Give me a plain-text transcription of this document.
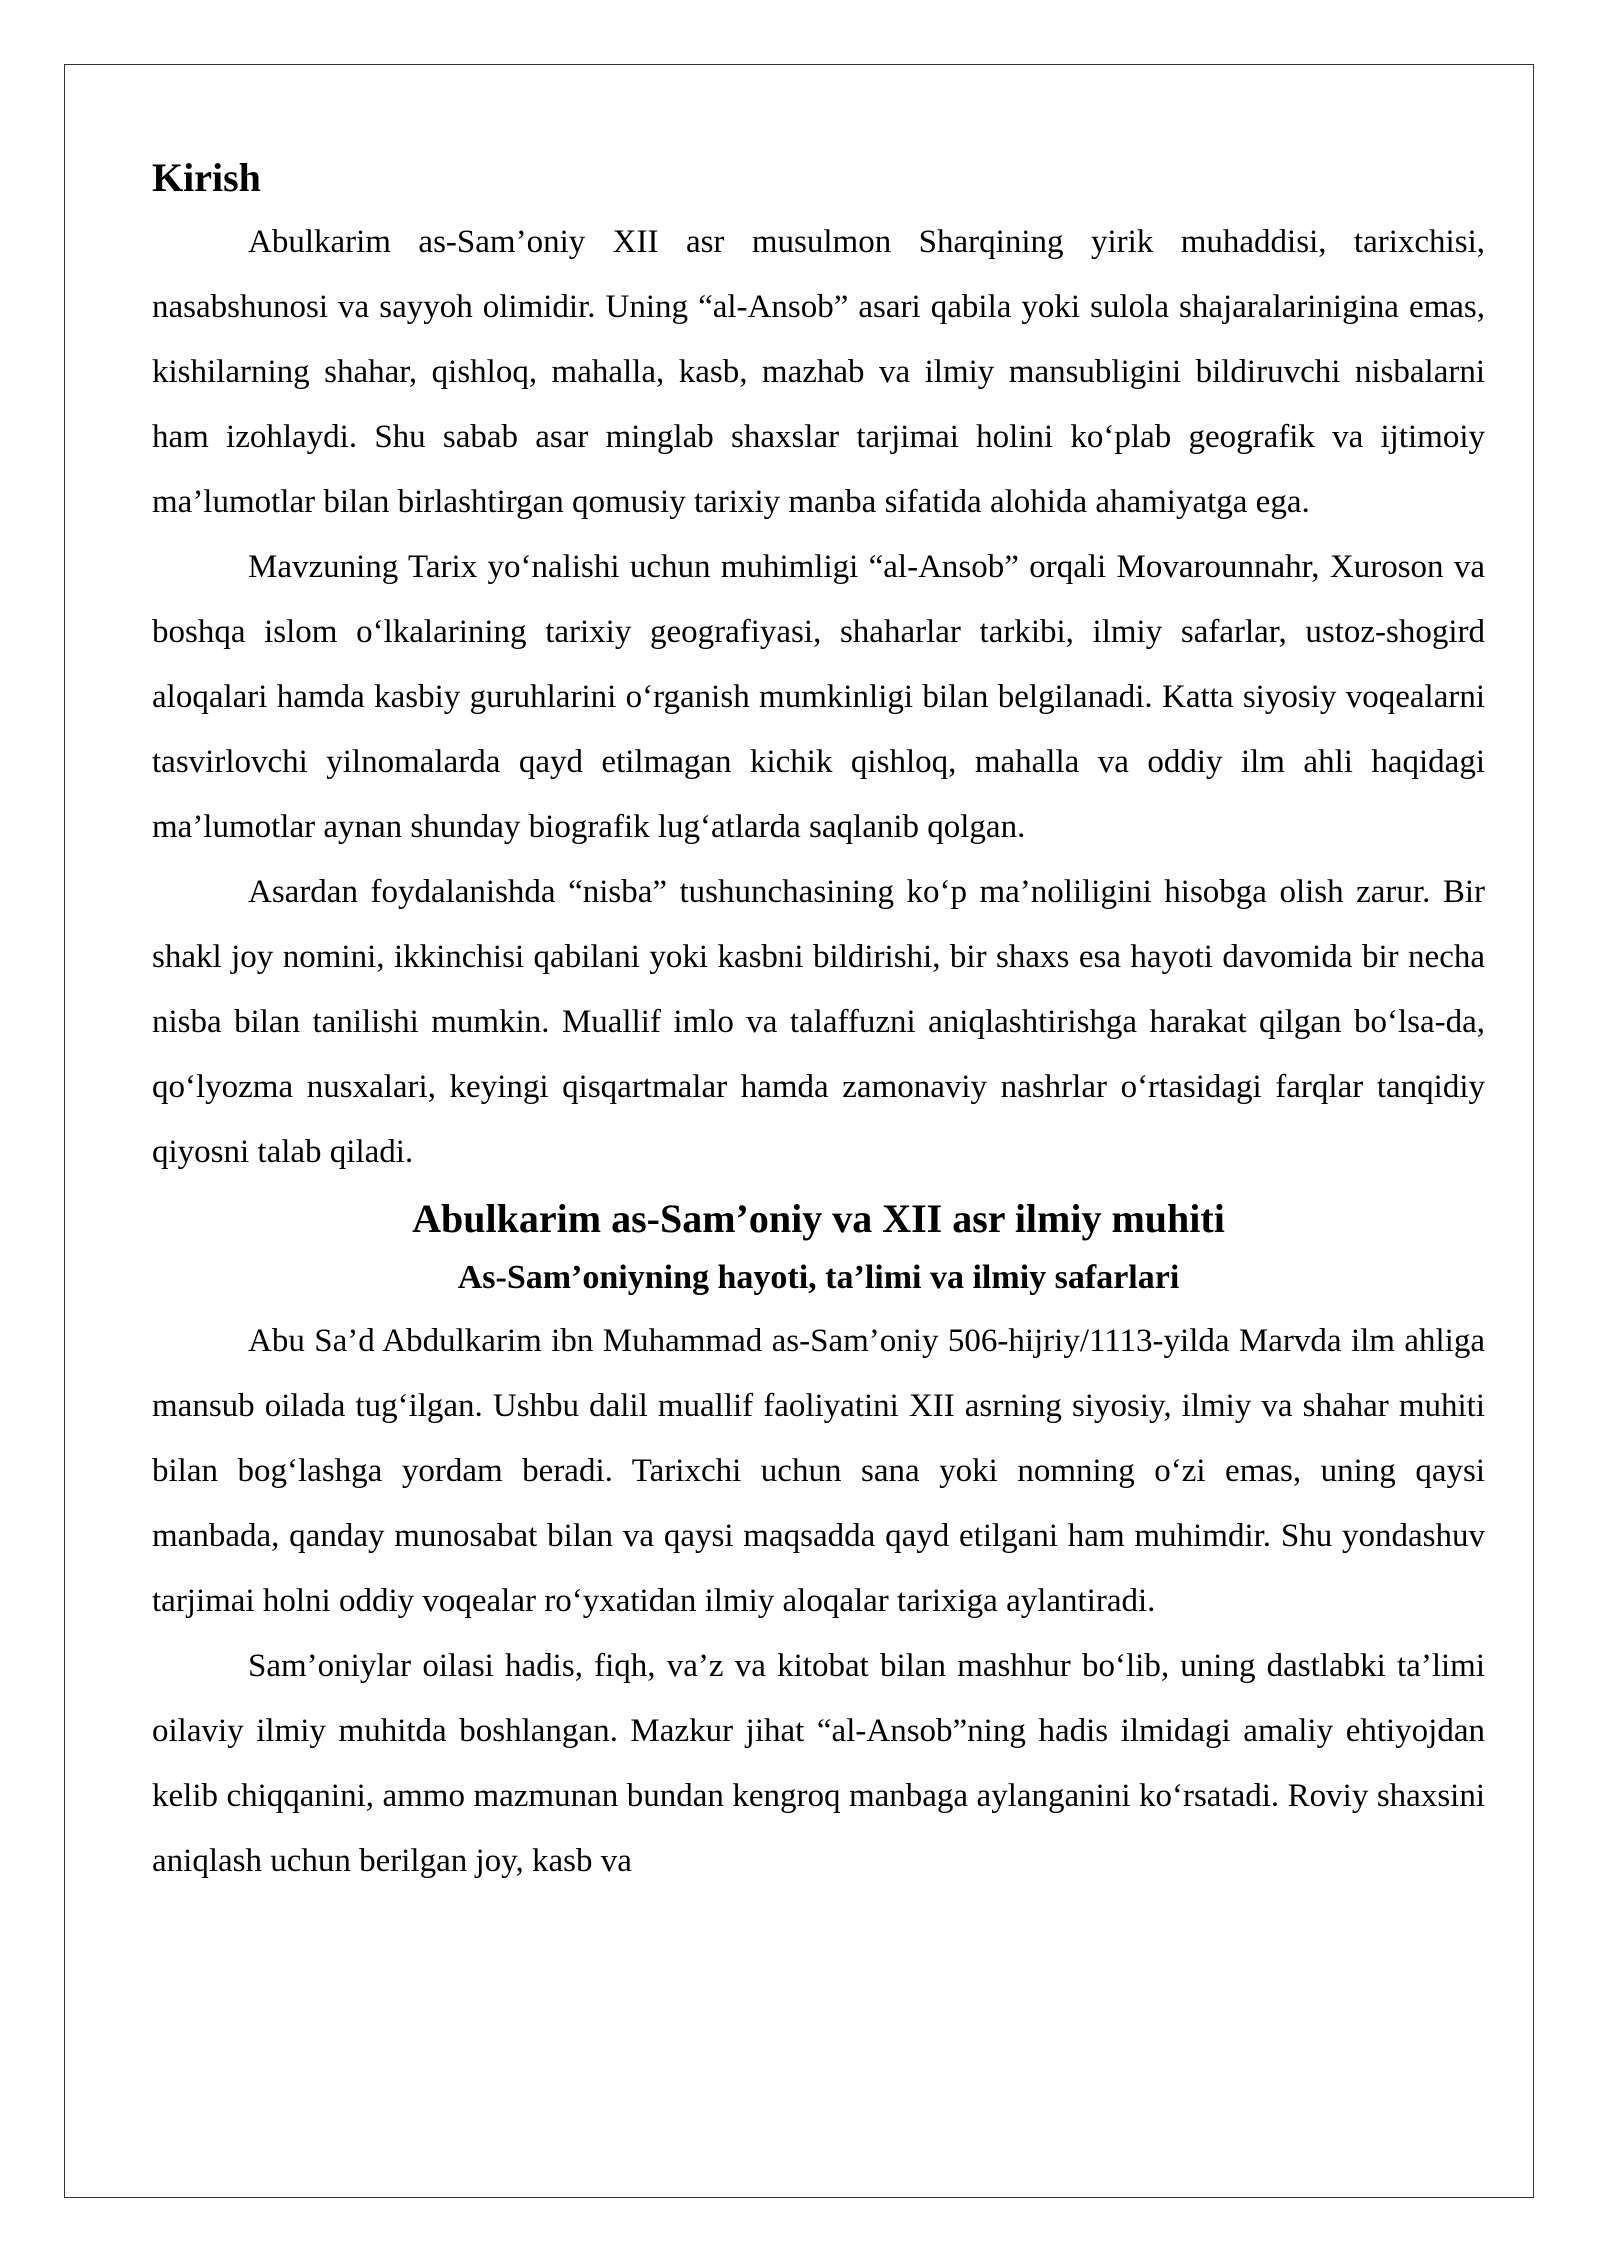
Kirish

Abulkarim as-Sam’oniy XII asr musulmon Sharqining yirik muhaddisi, tarixchisi, nasabshunosi va sayyoh olimidir. Uning “al-Ansob” asari qabila yoki sulola shajaralarinigina emas, kishilarning shahar, qishloq, mahalla, kasb, mazhab va ilmiy mansubligini bildiruvchi nisbalarni ham izohlaydi. Shu sabab asar minglab shaxslar tarjimai holini ko‘plab geografik va ijtimoiy ma’lumotlar bilan birlashtirgan qomusiy tarixiy manba sifatida alohida ahamiyatga ega.

Mavzuning Tarix yo‘nalishi uchun muhimligi “al-Ansob” orqali Movarounnahr, Xuroson va boshqa islom o‘lkalarining tarixiy geografiyasi, shaharlar tarkibi, ilmiy safarlar, ustoz-shogird aloqalari hamda kasbiy guruhlarini o‘rganish mumkinligi bilan belgilanadi. Katta siyosiy voqealarni tasvirlovchi yilnomalarda qayd etilmagan kichik qishloq, mahalla va oddiy ilm ahli haqidagi ma’lumotlar aynan shunday biografik lug‘atlarda saqlanib qolgan.

Asardan foydalanishda “nisba” tushunchasining ko‘p ma’noliligini hisobga olish zarur. Bir shakl joy nomini, ikkinchisi qabilani yoki kasbni bildirishi, bir shaxs esa hayoti davomida bir necha nisba bilan tanilishi mumkin. Muallif imlo va talaffuzni aniqlashtirishga harakat qilgan bo‘lsa-da, qo‘lyozma nusxalari, keyingi qisqartmalar hamda zamonaviy nashrlar o‘rtasidagi farqlar tanqidiy qiyosni talab qiladi.

Abulkarim as-Sam’oniy va XII asr ilmiy muhiti
As-Sam’oniyning hayoti, ta’limi va ilmiy safarlari

Abu Sa’d Abdulkarim ibn Muhammad as-Sam’oniy 506-hijriy/1113-yilda Marvda ilm ahliga mansub oilada tug‘ilgan. Ushbu dalil muallif faoliyatini XII asrning siyosiy, ilmiy va shahar muhiti bilan bog‘lashga yordam beradi. Tarixchi uchun sana yoki nomning o‘zi emas, uning qaysi manbada, qanday munosabat bilan va qaysi maqsadda qayd etilgani ham muhimdir. Shu yondashuv tarjimai holni oddiy voqealar ro‘yxatidan ilmiy aloqalar tarixiga aylantiradi.

Sam’oniylar oilasi hadis, fiqh, va’z va kitobat bilan mashhur bo‘lib, uning dastlabki ta’limi oilaviy ilmiy muhitda boshlangan. Mazkur jihat “al-Ansob”ning hadis ilmidagi amaliy ehtiyojdan kelib chiqqanini, ammo mazmunan bundan kengroq manbaga aylanganini ko‘rsatadi. Roviy shaxsini aniqlash uchun berilgan joy, kasb va
